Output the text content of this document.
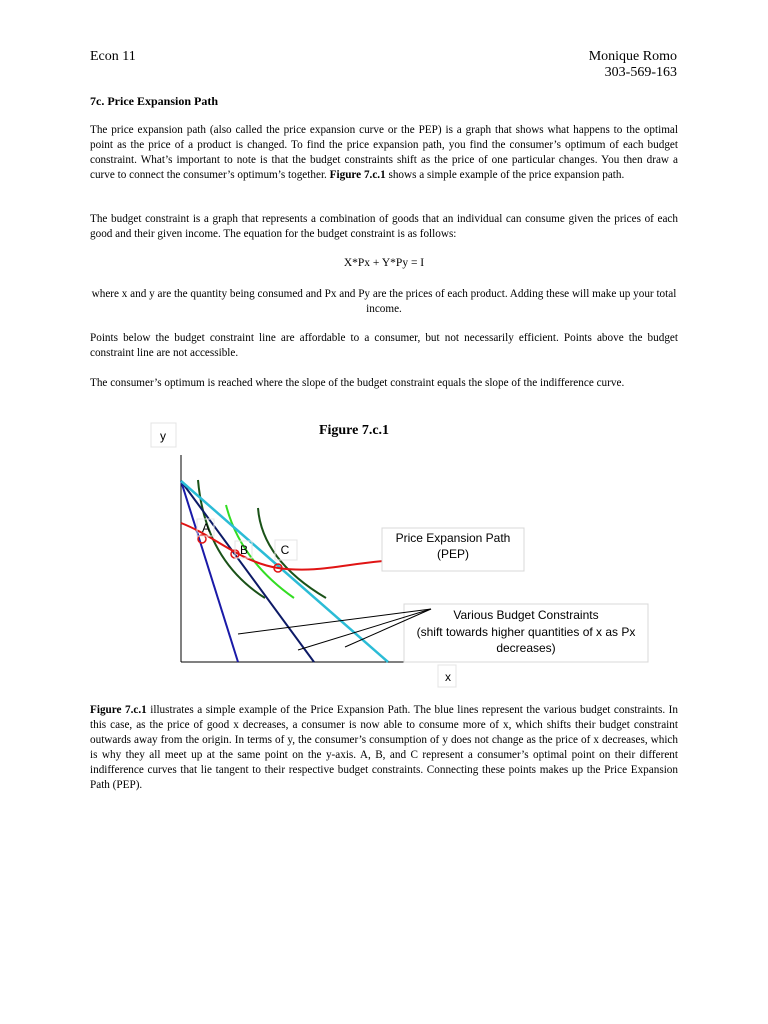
Econ 11	Monique Romo
303-569-163
7c. Price Expansion Path
The price expansion path (also called the price expansion curve or the PEP) is a graph that shows what happens to the optimal point as the price of a product is changed. To find the price expansion path, you find the consumer’s optimum of each budget constraint. What’s important to note is that the budget constraints shift as the price of one particular changes. You then draw a curve to connect the consumer’s optimum’s together. Figure 7.c.1 shows a simple example of the price expansion path.
The budget constraint is a graph that represents a combination of goods that an individual can consume given the prices of each good and their given income. The equation for the budget constraint is as follows:
X*Px + Y*Py = I
where x and y are the quantity being consumed and Px and Py are the prices of each product. Adding these will make up your total income.
Points below the budget constraint line are affordable to a consumer, but not necessarily efficient. Points above the budget constraint line are not accessible.
The consumer’s optimum is reached where the slope of the budget constraint equals the slope of the indifference curve.
y	Figure 7.c.1
A
B	C
Price Expansion Path
(PEP)
Various Budget Constraints
(shift towards higher quantities of x as Px
decreases)
x
Figure 7.c.1 illustrates a simple example of the Price Expansion Path. The blue lines represent the various budget constraints. In this case, as the price of good x decreases, a consumer is now able to consume more of x, which shifts their budget constraint outwards away from the origin. In terms of y, the consumer’s consumption of y does not change as the price of x decreases, which is why they all meet up at the same point on the y-axis. A, B, and C represent a consumer’s optimal point on their different indifference curves that lie tangent to their respective budget constraints. Connecting these points makes up the Price Expansion Path (PEP).
